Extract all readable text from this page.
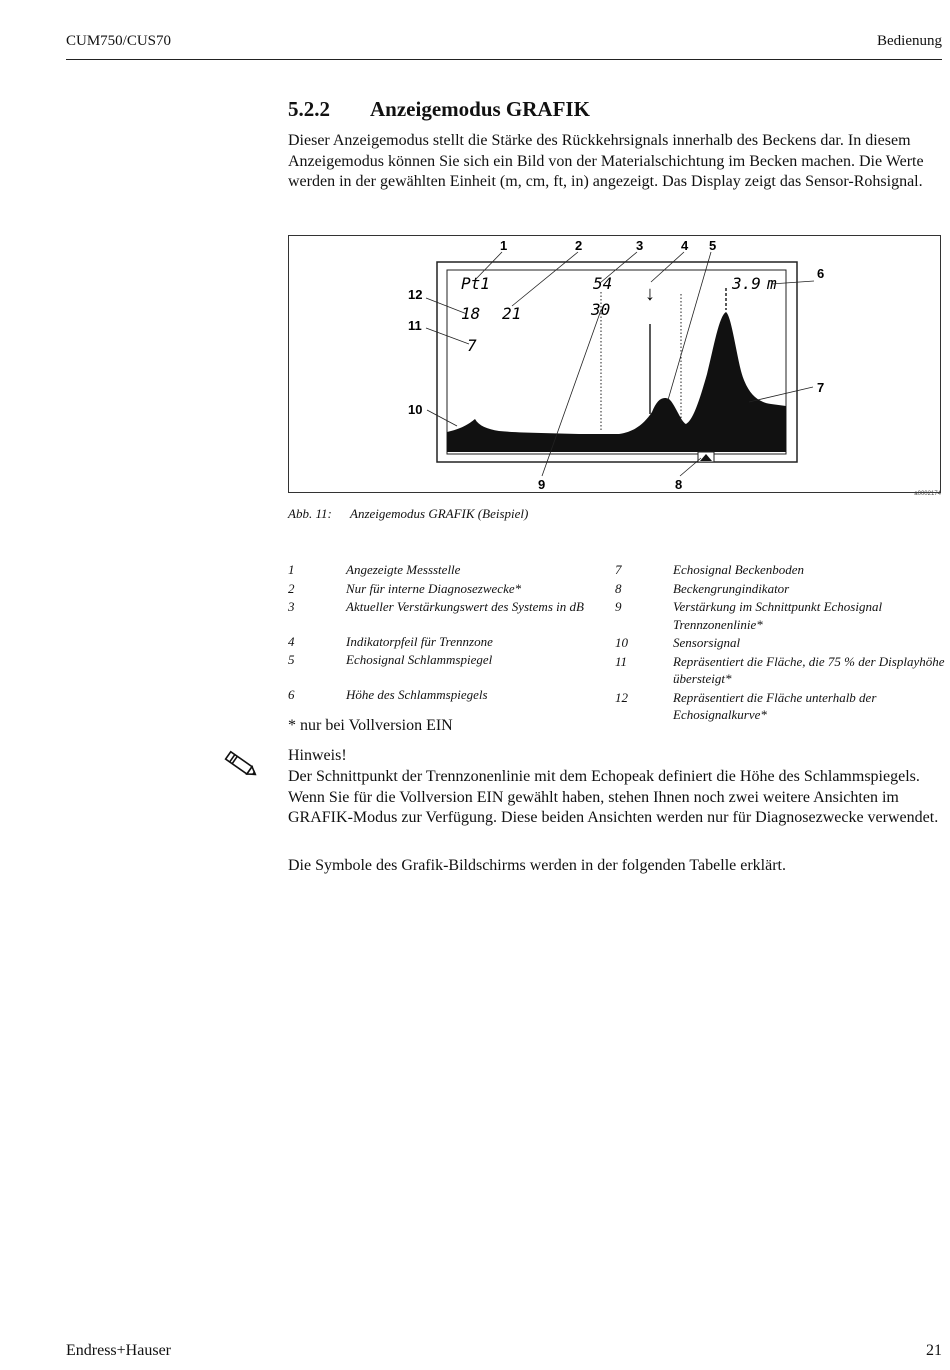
CUM750/CUS70	Bedienung
5.2.2 Anzeigemodus GRAFIK
Dieser Anzeigemodus stellt die Stärke des Rückkehrsignals innerhalb des Beckens dar. In diesem Anzeigemodus können Sie sich ein Bild von der Materialschichtung im Becken machen. Die Werte werden in der gewählten Einheit (m, cm, ft, in) angezeigt. Das Display zeigt das Sensor-Rohsignal.
Pt1	54	3.9 m
↓
18 21	30
7
1	2	3	4 5
6
7
8
9
10
11
12
a0002174
Abb. 11: Anzeigemodus GRAFIK (Beispiel)
1	Angezeigte Messstelle
2	Nur für interne Diagnosezwecke*
3	Aktueller Verstärkungswert des Systems in dB
4	Indikatorpfeil für Trennzone
5	Echosignal Schlammspiegel
6	Höhe des Schlammspiegels
7	Echosignal Beckenboden
8	Beckengrungindikator
9	Verstärkung im Schnittpunkt Echosignal Trennzonenlinie*
10	Sensorsignal
11	Repräsentiert die Fläche, die 75 % der Displayhöhe übersteigt*
12	Repräsentiert die Fläche unterhalb der Echosignalkurve*
* nur bei Vollversion EIN
Hinweis!
Der Schnittpunkt der Trennzonenlinie mit dem Echopeak definiert die Höhe des Schlammspiegels. Wenn Sie für die Vollversion EIN gewählt haben, stehen Ihnen noch zwei weitere Ansichten im GRAFIK-Modus zur Verfügung. Diese beiden Ansichten werden nur für Diagnosezwecke verwendet.
Die Symbole des Grafik-Bildschirms werden in der folgenden Tabelle erklärt.
Endress+Hauser	21
